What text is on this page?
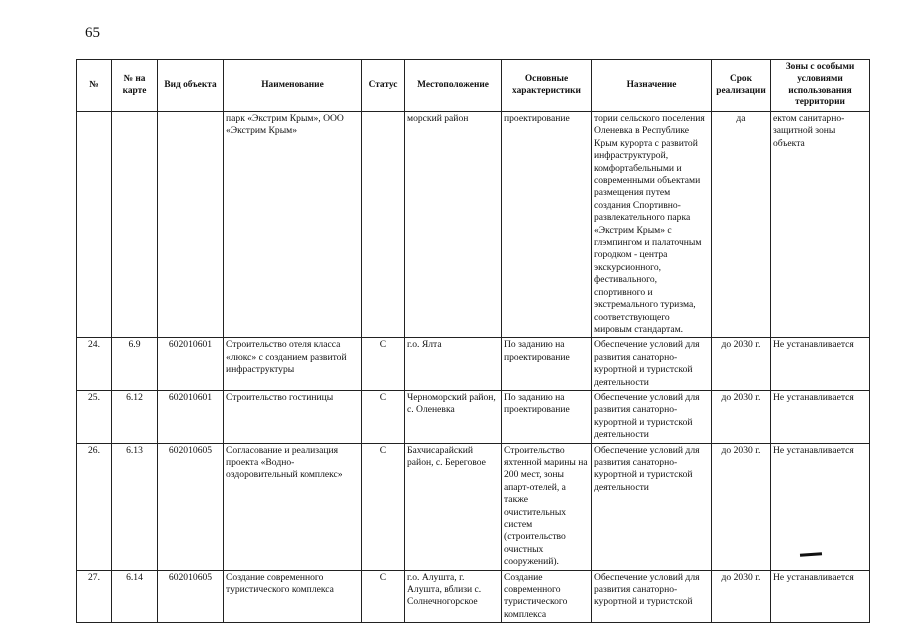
65
№	№ на карте	Вид объекта	Наименование	Статус	Местоположение	Основные характеристики	Назначение	Срок реализации	Зоны с особыми условиями использования территории
			парк «Экстрим Крым», ООО «Экстрим Крым»		морский район	проектирование	тории сельского поселения Оленевка в Республике Крым курорта с развитой инфраструктурой, комфортабельными и современными объектами размещения путем создания Спортивно-развлекательного парка «Экстрим Крым» с глэмпингом и палаточным городком - центра экскурсионного, фестивального, спортивного и экстремального туризма, соответствующего мировым стандартам.	да	ектом санитарно-защитной зоны объекта
24.	6.9	602010601	Строительство отеля класса «люкс» с созданием развитой инфраструктуры	С	г.о. Ялта	По заданию на проектирование	Обеспечение условий для развития санаторно-курортной и туристской деятельности	до 2030 г.	Не устанавливается
25.	6.12	602010601	Строительство гостиницы	С	Черноморский район, с. Оленевка	По заданию на проектирование	Обеспечение условий для развития санаторно-курортной и туристской деятельности	до 2030 г.	Не устанавливается
26.	6.13	602010605	Согласование и реализация проекта «Водно-оздоровительный комплекс»	С	Бахчисарайский район, с. Береговое	Строительство яхтенной марины на 200 мест, зоны апарт-отелей, а также очистительных систем (строительство очистных сооружений).	Обеспечение условий для развития санаторно-курортной и туристской деятельности	до 2030 г.	Не устанавливается
27.	6.14	602010605	Создание современного туристического комплекса	С	г.о. Алушта, г. Алушта, вблизи с. Солнечногорское	Создание современного туристического комплекса	Обеспечение условий для развития санаторно-курортной и туристской	до 2030 г.	Не устанавливается
